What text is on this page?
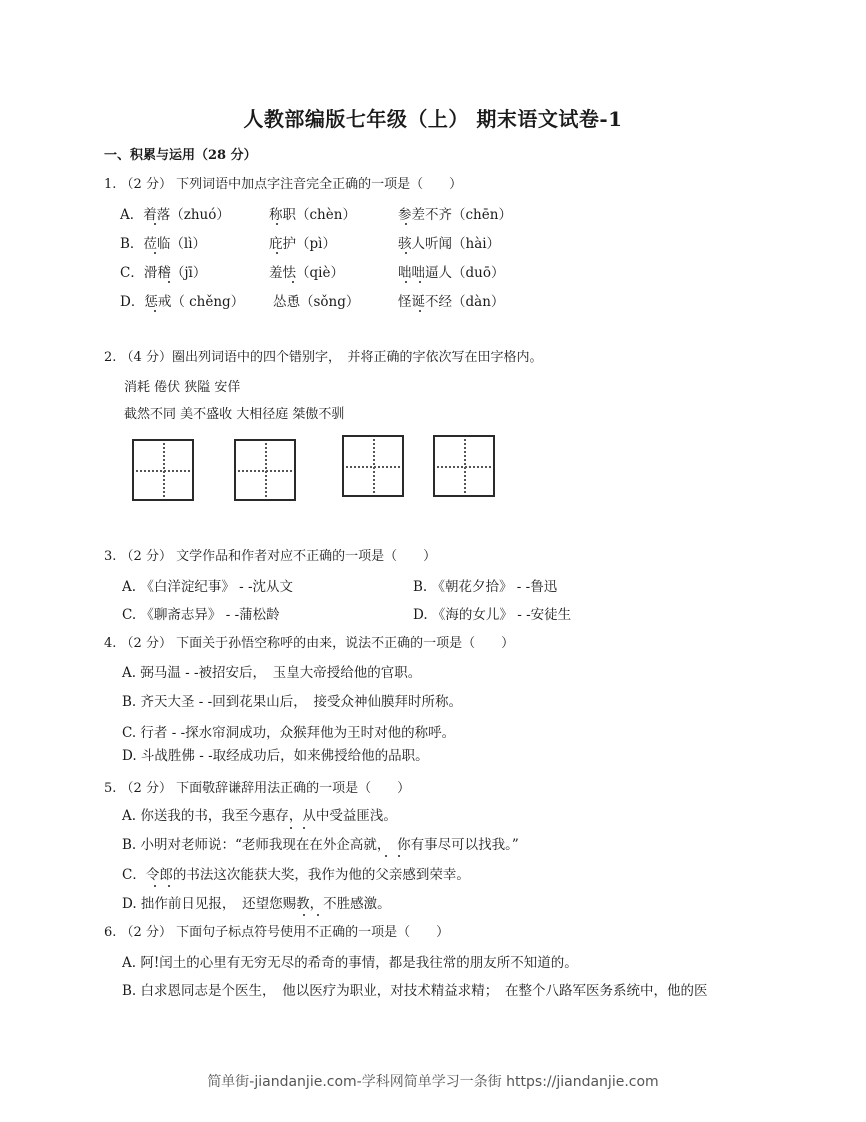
人教部编版七年级（上） 期末语文试卷-1
一、积累与运用（28 分）
1. （2 分） 下列词语中加点字注音完全正确的一项是（　　）
A．着落（zhuó）	称职（chèn）	参差不齐（chēn）
B．莅临（lì）	庇护（pì）	骇人听闻（hài）
C．滑稽（jī）	羞怯（qiè）	咄咄逼人（duō）
D．惩戒（ chěng） 怂恿（sǒng）	怪诞不经（dàn）
2. （4 分）圈出列词语中的四个错别字，　并将正确的字依次写在田字格内。
消耗 倦伏 狭隘 安佯
截然不同 美不盛收 大相径庭 桀傲不驯
3. （2 分） 文学作品和作者对应不正确的一项是（　　）
A. 《白洋淀纪事》 - -沈从文	B. 《朝花夕拾》 - -鲁迅
C. 《聊斋志异》 - -蒲松龄	D. 《海的女儿》 - -安徒生
4. （2 分） 下面关于孙悟空称呼的由来，说法不正确的一项是（　　）
A. 弼马温 - -被招安后，　玉皇大帝授给他的官职。
B. 齐天大圣 - -回到花果山后，　接受众神仙膜拜时所称。
C. 行者 - -探水帘洞成功，众猴拜他为王时对他的称呼。
D. 斗战胜佛 - -取经成功后，如来佛授给他的品职。
5. （2 分） 下面敬辞谦辞用法正确的一项是（　　）
A. 你送我的书，我至今惠存，从中受益匪浅。
B. 小明对老师说：“老师我现在在外企高就，　你有事尽可以找我。”
C．令郎的书法这次能获大奖，我作为他的父亲感到荣幸。
D. 拙作前日见报，　还望您赐教，不胜感激。
6. （2 分） 下面句子标点符号使用不正确的一项是（　　）
A. 阿!闰土的心里有无穷无尽的希奇的事情，都是我往常的朋友所不知道的。
B. 白求恩同志是个医生，　他以医疗为职业，对技术精益求精；　在整个八路军医务系统中，他的医
简单街-jiandanjie.com-学科网简单学习一条街 https://jiandanjie.com
